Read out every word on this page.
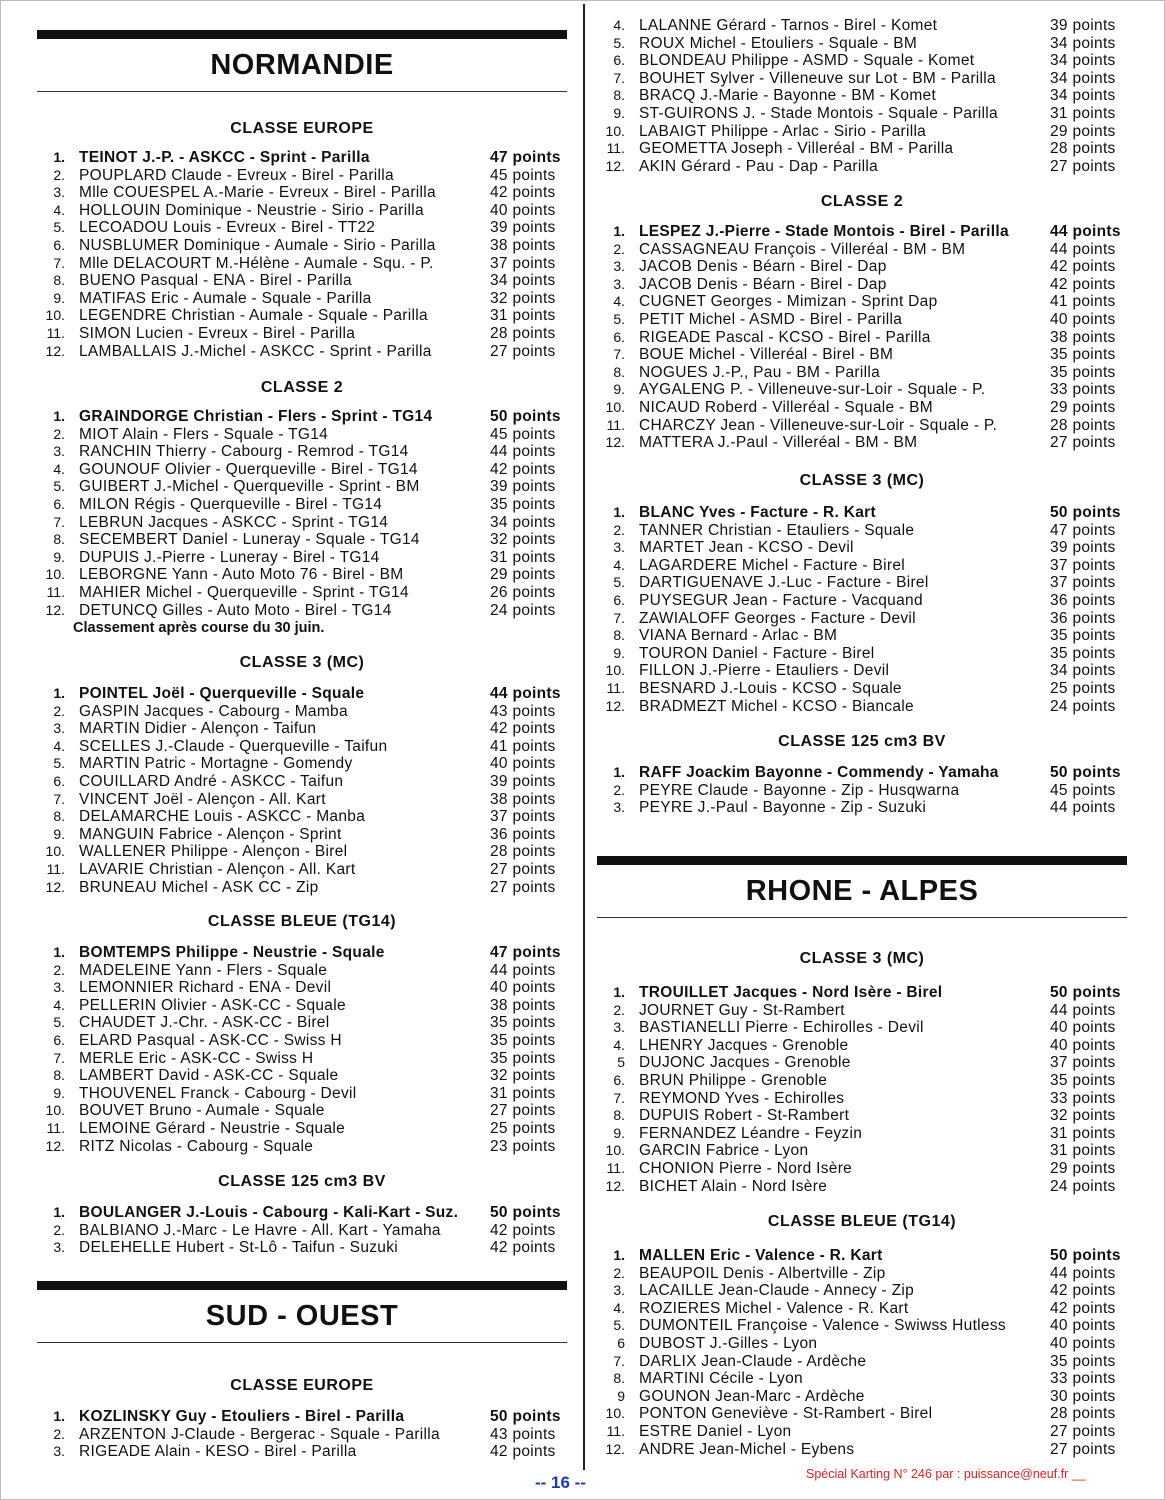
NORMANDIE
CLASSE EUROPE
1. TEINOT J.-P. - ASKCC - Sprint - Parilla	47 points
2. POUPLARD Claude - Evreux - Birel - Parilla	45 points
3. Mlle COUESPEL A.-Marie - Evreux - Birel - Parilla	42 points
4. HOLLOUIN Dominique - Neustrie - Sirio - Parilla	40 points
5. LECOADOU Louis - Evreux - Birel - TT22	39 points
6. NUSBLUMER Dominique - Aumale - Sirio - Parilla	38 points
7. Mlle DELACOURT M.-Hélène - Aumale - Squ. - P.	37 points
8. BUENO Pasqual - ENA - Birel - Parilla	34 points
9. MATIFAS Eric - Aumale - Squale - Parilla	32 points
10. LEGENDRE Christian - Aumale - Squale - Parilla	31 points
11. SIMON Lucien - Evreux - Birel - Parilla	28 points
12. LAMBALLAIS J.-Michel - ASKCC - Sprint - Parilla	27 points
CLASSE 2
1. GRAINDORGE Christian - Flers - Sprint - TG14	50 points
2. MIOT Alain - Flers - Squale - TG14	45 points
3. RANCHIN Thierry - Cabourg - Remrod - TG14	44 points
4. GOUNOUF Olivier - Querqueville - Birel - TG14	42 points
5. GUIBERT J.-Michel - Querqueville - Sprint - BM	39 points
6. MILON Régis - Querqueville - Birel - TG14	35 points
7. LEBRUN Jacques - ASKCC - Sprint - TG14	34 points
8. SECEMBERT Daniel - Luneray - Squale - TG14	32 points
9. DUPUIS J.-Pierre - Luneray - Birel - TG14	31 points
10. LEBORGNE Yann - Auto Moto 76 - Birel - BM	29 points
11. MAHIER Michel - Querqueville - Sprint - TG14	26 points
12. DETUNCQ Gilles - Auto Moto - Birel - TG14	24 points
Classement après course du 30 juin.
CLASSE 3 (MC)
1. POINTEL Joël - Querqueville - Squale	44 points
2. GASPIN Jacques - Cabourg - Mamba	43 points
3. MARTIN Didier - Alençon - Taifun	42 points
4. SCELLES J.-Claude - Querqueville - Taifun	41 points
5. MARTIN Patric - Mortagne - Gomendy	40 points
6. COUILLARD André - ASKCC - Taifun	39 points
7. VINCENT Joël - Alençon - All. Kart	38 points
8. DELAMARCHE Louis - ASKCC - Manba	37 points
9. MANGUIN Fabrice - Alençon - Sprint	36 points
10. WALLENER Philippe - Alençon - Birel	28 points
11. LAVARIE Christian - Alençon - All. Kart	27 points
12. BRUNEAU Michel - ASK CC - Zip	27 points
CLASSE BLEUE (TG14)
1. BOMTEMPS Philippe - Neustrie - Squale	47 points
2. MADELEINE Yann - Flers - Squale	44 points
3. LEMONNIER Richard - ENA - Devil	40 points
4. PELLERIN Olivier - ASK-CC - Squale	38 points
5. CHAUDET J.-Chr. - ASK-CC - Birel	35 points
6. ELARD Pasqual - ASK-CC - Swiss H	35 points
7. MERLE Eric - ASK-CC - Swiss H	35 points
8. LAMBERT David - ASK-CC - Squale	32 points
9. THOUVENEL Franck - Cabourg - Devil	31 points
10. BOUVET Bruno - Aumale - Squale	27 points
11. LEMOINE Gérard - Neustrie - Squale	25 points
12. RITZ Nicolas - Cabourg - Squale	23 points
CLASSE 125 cm3 BV
1. BOULANGER J.-Louis - Cabourg - Kali-Kart - Suz.	50 points
2. BALBIANO J.-Marc - Le Havre - All. Kart - Yamaha	42 points
3. DELEHELLE Hubert - St-Lô - Taifun - Suzuki	42 points
SUD - OUEST
CLASSE EUROPE
1. KOZLINSKY Guy - Etouliers - Birel - Parilla	50 points
2. ARZENTON J-Claude - Bergerac - Squale - Parilla	43 points
3. RIGEADE Alain - KESO - Birel - Parilla	42 points
4. LALANNE Gérard - Tarnos - Birel - Komet	39 points
5. ROUX Michel - Etouliers - Squale - BM	34 points
6. BLONDEAU Philippe - ASMD - Squale - Komet	34 points
7. BOUHET Sylver - Villeneuve sur Lot - BM - Parilla	34 points
8. BRACQ J.-Marie - Bayonne - BM - Komet	34 points
9. ST-GUIRONS J. - Stade Montois - Squale - Parilla	31 points
10. LABAIGT Philippe - Arlac - Sirio - Parilla	29 points
11. GEOMETTA Joseph - Villeréal - BM - Parilla	28 points
12. AKIN Gérard - Pau - Dap - Parilla	27 points
CLASSE 2
1. LESPEZ J.-Pierre - Stade Montois - Birel - Parilla	44 points
2. CASSAGNEAU François - Villeréal - BM - BM	44 points
3. JACOB Denis - Béarn - Birel - Dap	42 points
3. JACOB Denis - Béarn - Birel - Dap	42 points
4. CUGNET Georges - Mimizan - Sprint Dap	41 points
5. PETIT Michel - ASMD - Birel - Parilla	40 points
6. RIGEADE Pascal - KCSO - Birel - Parilla	38 points
7. BOUE Michel - Villeréal - Birel - BM	35 points
8. NOGUES J.-P., Pau - BM - Parilla	35 points
9. AYGALENG P. - Villeneuve-sur-Loir - Squale - P.	33 points
10. NICAUD Roberd - Villeréal - Squale - BM	29 points
11. CHARCZY Jean - Villeneuve-sur-Loir - Squale - P.	28 points
12. MATTERA J.-Paul - Villeréal - BM - BM	27 points
CLASSE 3 (MC)
1. BLANC Yves - Facture - R. Kart	50 points
2. TANNER Christian - Etauliers - Squale	47 points
3. MARTET Jean - KCSO - Devil	39 points
4. LAGARDERE Michel - Facture - Birel	37 points
5. DARTIGUENAVE J.-Luc - Facture - Birel	37 points
6. PUYSEGUR Jean - Facture - Vacquand	36 points
7. ZAWIALOFF Georges - Facture - Devil	36 points
8. VIANA Bernard - Arlac - BM	35 points
9. TOURON Daniel - Facture - Birel	35 points
10. FILLON J.-Pierre - Etauliers - Devil	34 points
11. BESNARD J.-Louis - KCSO - Squale	25 points
12. BRADMEZT Michel - KCSO - Biancale	24 points
CLASSE 125 cm3 BV
1. RAFF Joackim Bayonne - Commendy - Yamaha	50 points
2. PEYRE Claude - Bayonne - Zip - Husqwarna	45 points
3. PEYRE J.-Paul - Bayonne - Zip - Suzuki	44 points
RHONE - ALPES
CLASSE 3 (MC)
1. TROUILLET Jacques - Nord Isère - Birel	50 points
2. JOURNET Guy - St-Rambert	44 points
3. BASTIANELLI Pierre - Echirolles - Devil	40 points
4. LHENRY Jacques - Grenoble	40 points
5 DUJONC Jacques - Grenoble	37 points
6. BRUN Philippe - Grenoble	35 points
7. REYMOND Yves - Echirolles	33 points
8. DUPUIS Robert - St-Rambert	32 points
9. FERNANDEZ Léandre - Feyzin	31 points
10. GARCIN Fabrice - Lyon	31 points
11. CHONION Pierre - Nord Isère	29 points
12. BICHET Alain - Nord Isère	24 points
CLASSE BLEUE (TG14)
1. MALLEN Eric - Valence - R. Kart	50 points
2. BEAUPOIL Denis - Albertville - Zip	44 points
3. LACAILLE Jean-Claude - Annecy - Zip	42 points
4. ROZIERES Michel - Valence - R. Kart	42 points
5. DUMONTEIL Françoise - Valence - Swiwss Hutless	40 points
6 DUBOST J.-Gilles - Lyon	40 points
7. DARLIX Jean-Claude - Ardèche	35 points
8. MARTINI Cécile - Lyon	33 points
9 GOUNON Jean-Marc - Ardèche	30 points
10. PONTON Geneviève - St-Rambert - Birel	28 points
11. ESTRE Daniel - Lyon	27 points
12. ANDRE Jean-Michel - Eybens	27 points
-- 16 --	Spécial Karting N° 246 par : puissance@neuf.fr __
